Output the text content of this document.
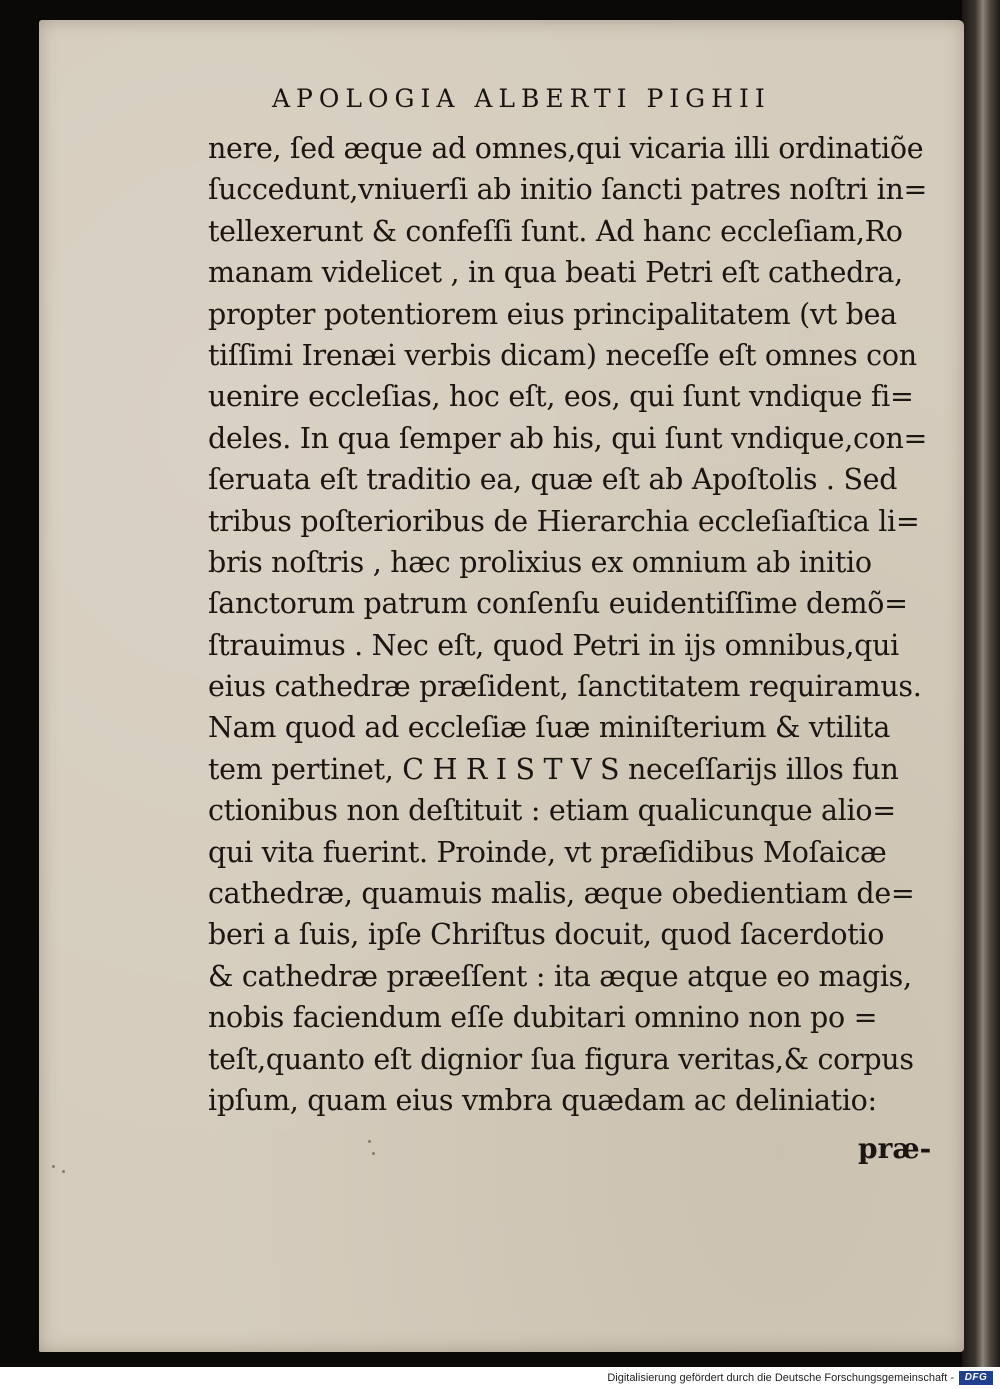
APOLOGIA ALBERTI PIGHII
nere, ſed æque ad omnes,qui vicaria illi ordinatiõe
ſuccedunt,vniuerſi ab initio ſancti patres noſtri in=
tellexerunt & confeſſi ſunt. Ad hanc eccleſiam,Ro
manam videlicet , in qua beati Petri eſt cathedra,
propter potentiorem eius principalitatem (vt bea
tiſſimi Irenæi verbis dicam) neceſſe eſt omnes con
uenire eccleſias, hoc eſt, eos, qui ſunt vndique fi=
deles. In qua ſemper ab his, qui ſunt vndique,con=
ſeruata eſt traditio ea, quæ eſt ab Apoſtolis . Sed
tribus poſterioribus de Hierarchia eccleſiaſtica li=
bris noſtris , hæc prolixius ex omnium ab initio
ſanctorum patrum conſenſu euidentiſſime demõ=
ſtrauimus . Nec eſt, quod Petri in ijs omnibus,qui
eius cathedræ præſident, ſanctitatem requiramus.
Nam quod ad eccleſiæ ſuæ miniſterium & vtilita
tem pertinet, C H R I S T V S neceſſarijs illos fun
ctionibus non deſtituit : etiam qualicunque alio=
qui vita fuerint. Proinde, vt præſidibus Moſaicæ
cathedræ, quamuis malis, æque obedientiam de=
beri a ſuis, ipſe Chriſtus docuit, quod ſacerdotio
& cathedræ præeſſent : ita æque atque eo magis,
nobis faciendum eſſe dubitari omnino non po =
teſt,quanto eſt dignior ſua figura veritas,& corpus
ipſum, quam eius vmbra quædam ac deliniatio:
præ-
Digitalisierung gefördert durch die Deutsche Forschungsgemeinschaft -	DFG
